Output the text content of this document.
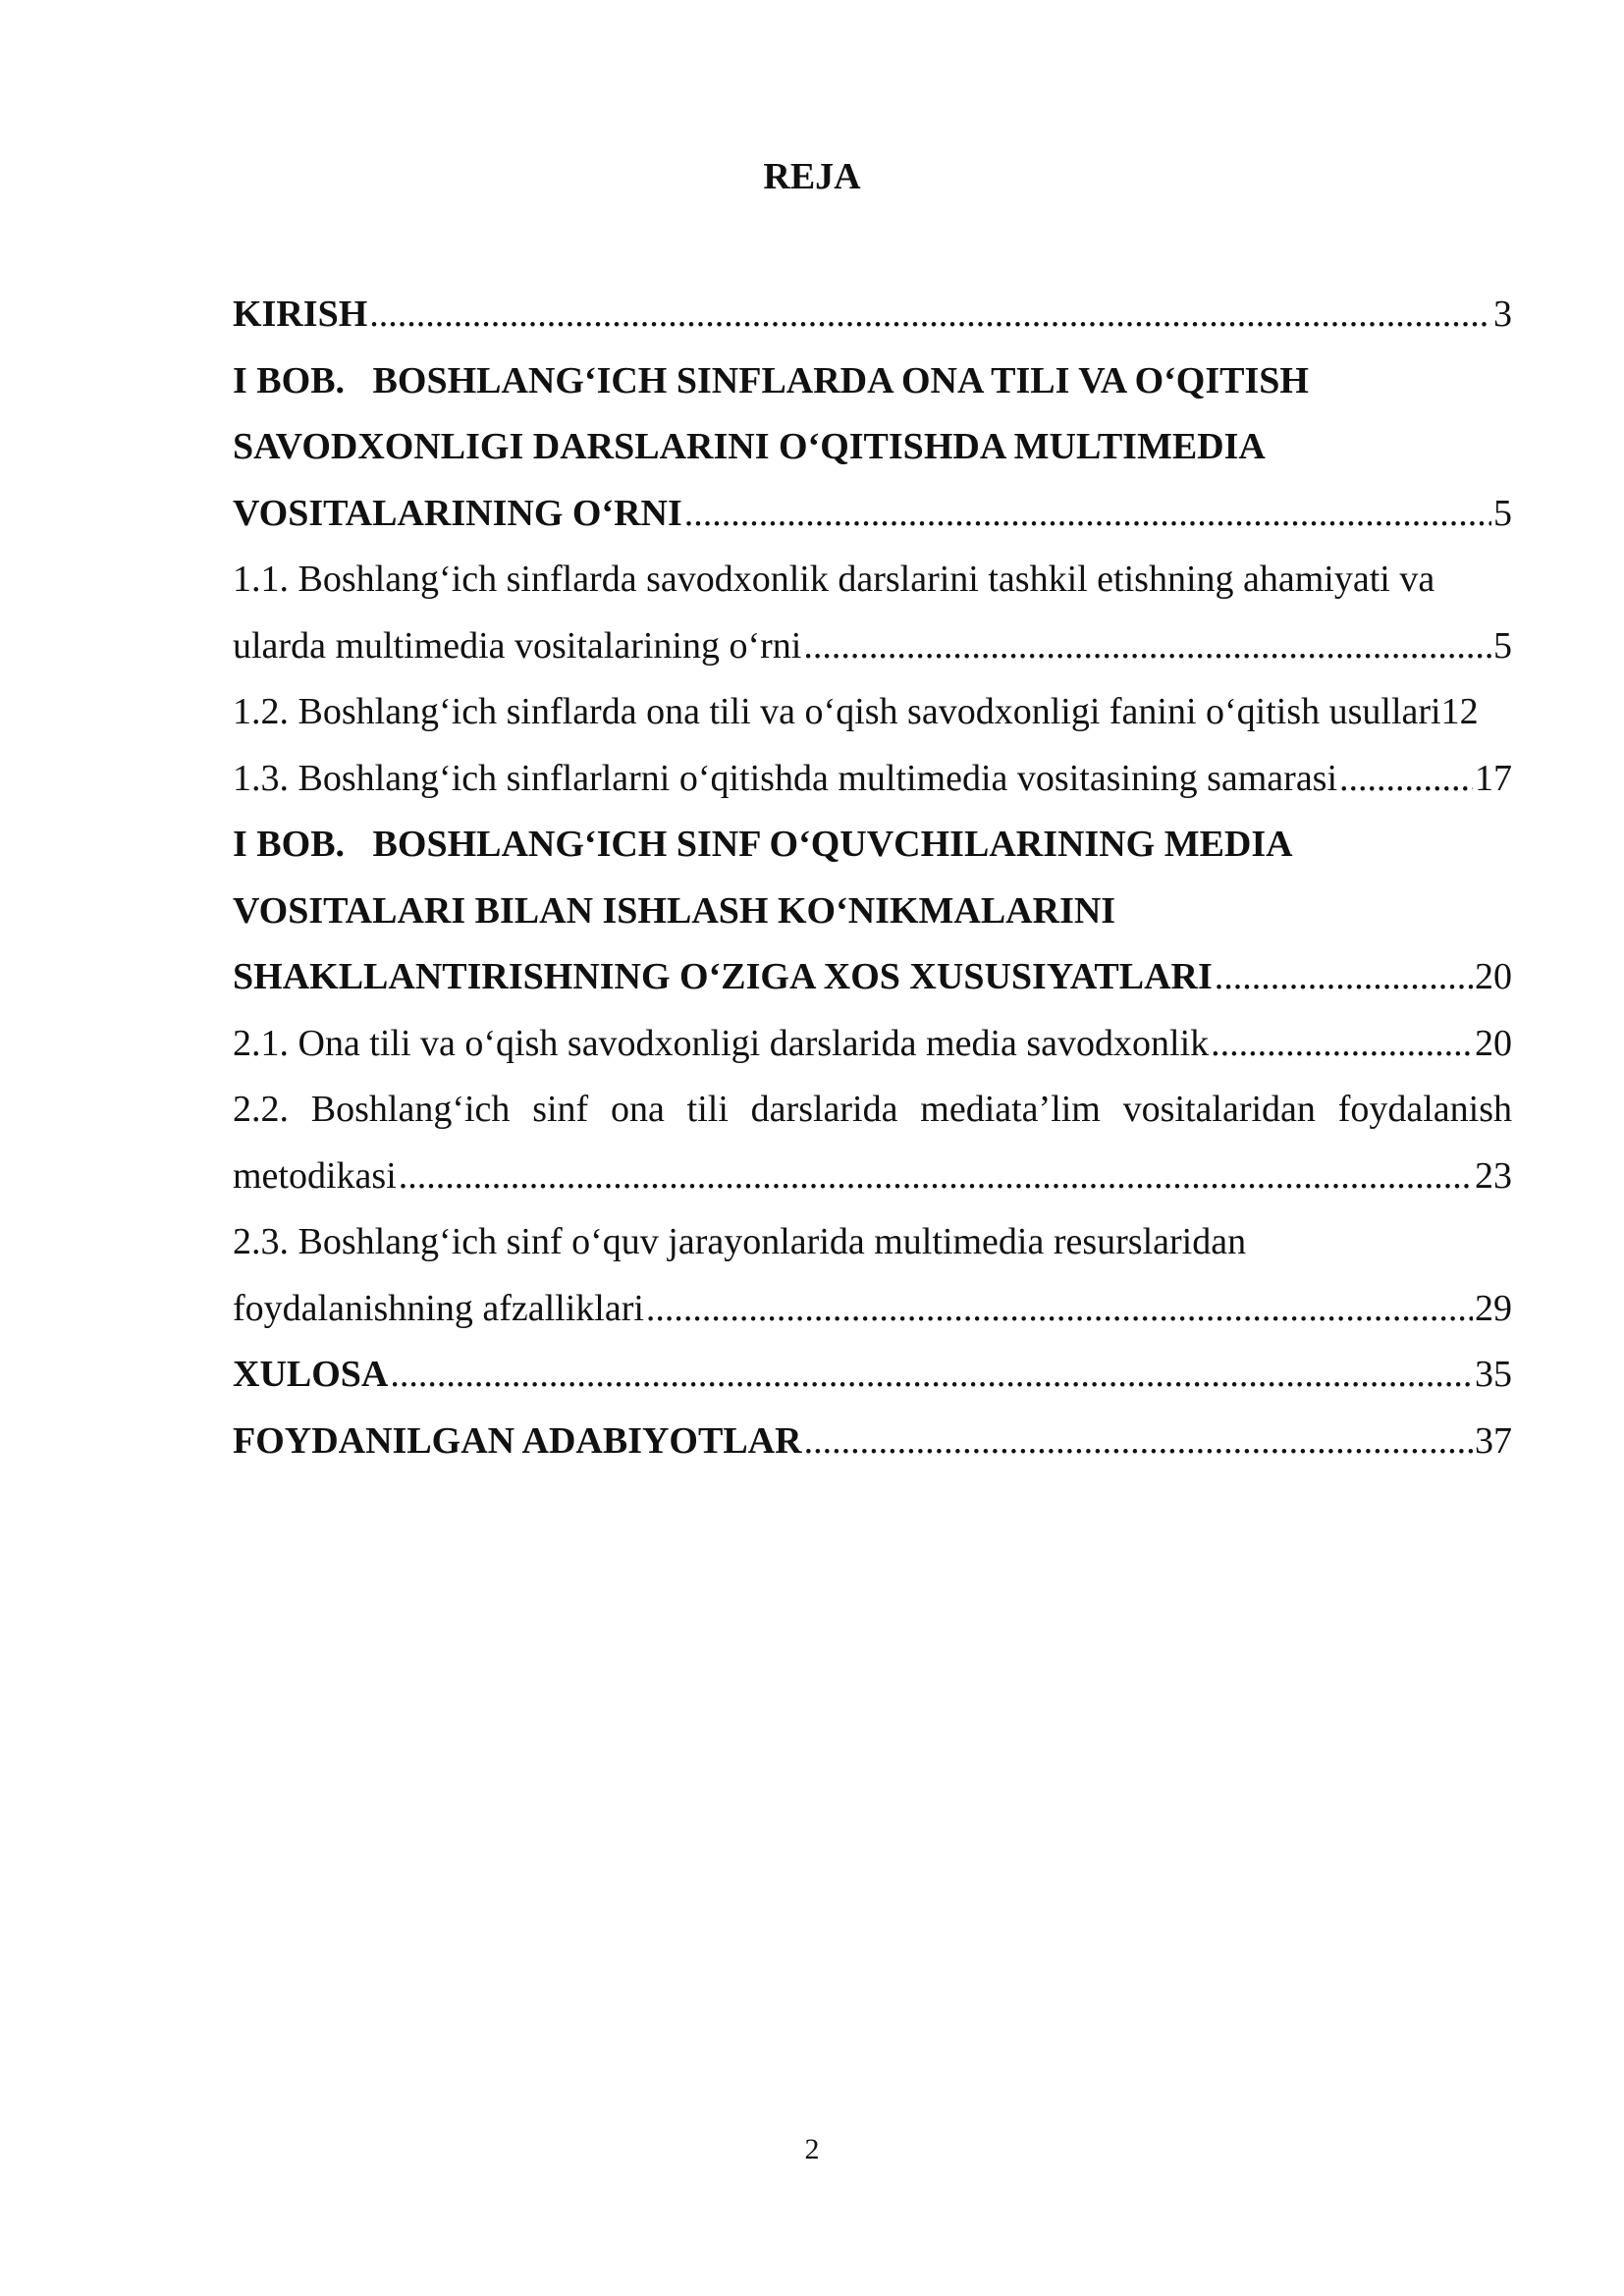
REJA
KIRISH .....	3
I BOB.   BOSHLANG‘ICH SINFLARDA ONA TILI VA O‘QITISH
SAVODXONLIGI DARSLARINI O‘QITISHDA MULTIMEDIA
VOSITALARINING O‘RNI .....	5
1.1. Boshlang‘ich sinflarda savodxonlik darslarini tashkil etishning ahamiyati va
ularda multimedia vositalarining o‘rni .....	5
1.2. Boshlang‘ich sinflarda ona tili va o‘qish savodxonligi fanini o‘qitish usullari 12
1.3. Boshlang‘ich sinflarlarni o‘qitishda multimedia vositasining samarasi .....	17
I BOB.   BOSHLANG‘ICH SINF O‘QUVCHILARINING MEDIA
VOSITALARI BILAN ISHLASH KO‘NIKMALARINI
SHAKLLANTIRISHNING O‘ZIGA XOS XUSUSIYATLARI .....	20
2.1. Ona tili va o‘qish savodxonligi darslarida media savodxonlik .....	20
2.2. Boshlang‘ich sinf ona tili darslarida mediata’lim vositalaridan foydalanish
metodikasi .....	23
2.3. Boshlang‘ich sinf o‘quv jarayonlarida multimedia resurslaridan
foydalanishning afzalliklari .....	29
XULOSA .....	35
FOYDANILGAN ADABIYOTLAR .....	37
2
